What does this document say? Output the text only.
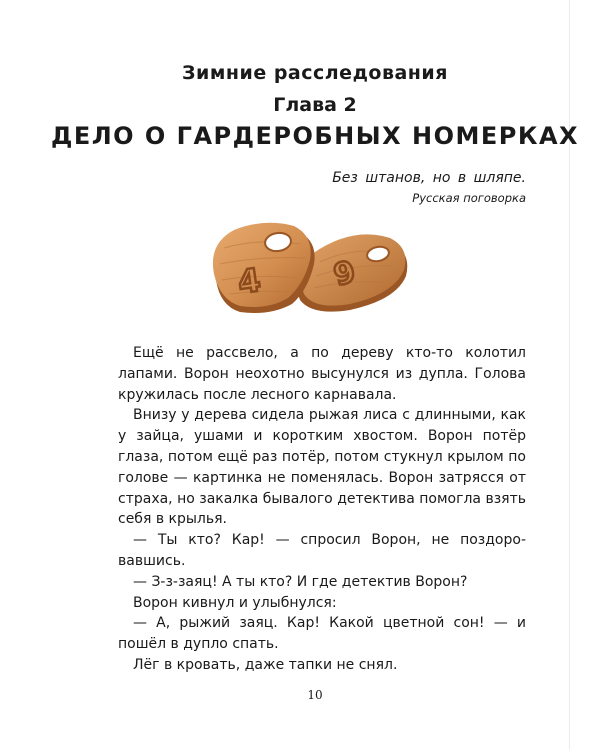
Зимние расследования
Глава 2
ДЕЛО О ГАРДЕРОБНЫХ НОМЕРКАХ
Без штанов, но в шляпе.
Русская поговорка
9
4

Ещё не рассвело, а по дереву кто-то колотил лапами. Ворон неохотно высунулся из дупла. Голова кружилась после лесного карнавала.

Внизу у дерева сидела рыжая лиса с длинными, как у зайца, ушами и коротким хвостом. Ворон потёр глаза, потом ещё раз потёр, потом стукнул крылом по голове — картинка не поменялась. Ворон затрясся от страха, но закалка бывалого детектива помогла взять себя в крылья.

— Ты кто? Кар! — спросил Ворон, не поздоровавшись.

— З-з-заяц! А ты кто? И где детектив Ворон?

Ворон кивнул и улыбнулся:

— А, рыжий заяц. Кар! Какой цветной сон! — и пошёл в дупло спать.

Лёг в кровать, даже тапки не снял.

10
